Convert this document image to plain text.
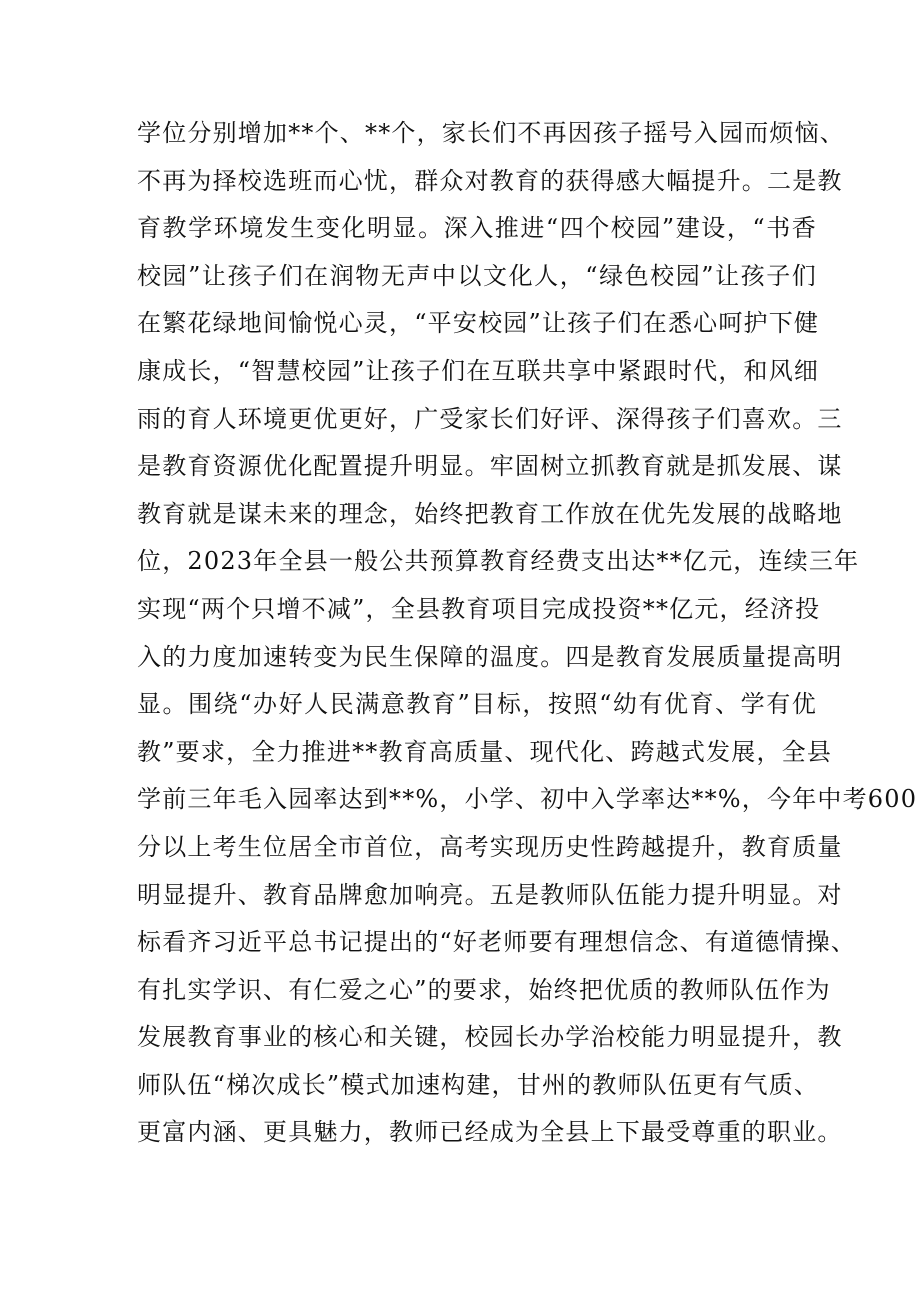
学位分别增加**个、**个，家长们不再因孩子摇号入园而烦恼、
不再为择校选班而心忧，群众对教育的获得感大幅提升。二是教
育教学环境发生变化明显。深入推进“四个校园”建设，“书香
校园”让孩子们在润物无声中以文化人，“绿色校园”让孩子们
在繁花绿地间愉悦心灵，“平安校园”让孩子们在悉心呵护下健
康成长，“智慧校园”让孩子们在互联共享中紧跟时代，和风细
雨的育人环境更优更好，广受家长们好评、深得孩子们喜欢。三
是教育资源优化配置提升明显。牢固树立抓教育就是抓发展、谋
教育就是谋未来的理念，始终把教育工作放在优先发展的战略地
位，2023年全县一般公共预算教育经费支出达**亿元，连续三年
实现“两个只增不减”，全县教育项目完成投资**亿元，经济投
入的力度加速转变为民生保障的温度。四是教育发展质量提高明
显。围绕“办好人民满意教育”目标，按照“幼有优育、学有优
教”要求，全力推进**教育高质量、现代化、跨越式发展，全县
学前三年毛入园率达到**%，小学、初中入学率达**%，今年中考600
分以上考生位居全市首位，高考实现历史性跨越提升，教育质量
明显提升、教育品牌愈加响亮。五是教师队伍能力提升明显。对
标看齐习近平总书记提出的“好老师要有理想信念、有道德情操、
有扎实学识、有仁爱之心”的要求，始终把优质的教师队伍作为
发展教育事业的核心和关键，校园长办学治校能力明显提升，教
师队伍“梯次成长”模式加速构建，甘州的教师队伍更有气质、
更富内涵、更具魅力，教师已经成为全县上下最受尊重的职业。
